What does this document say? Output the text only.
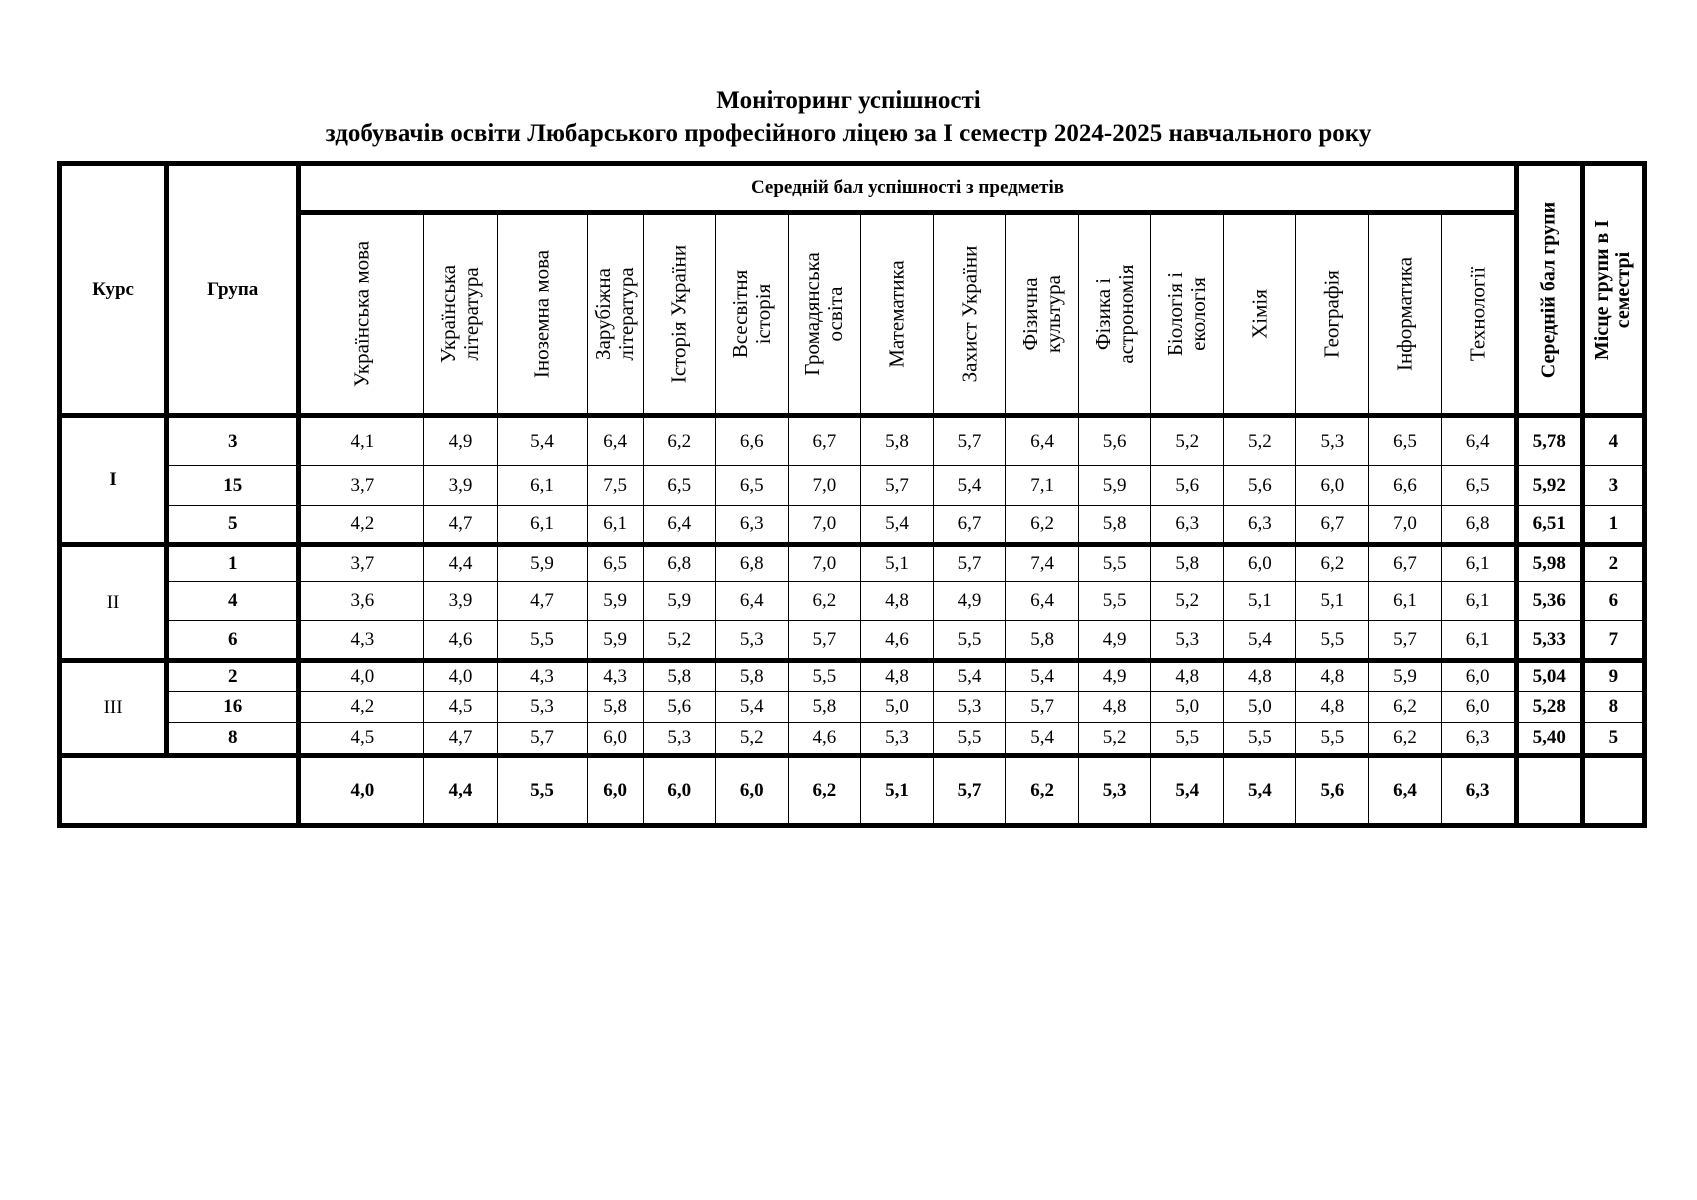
Моніторинг успішності
здобувачів освіти Любарського професійного ліцею за І семестр 2024-2025 навчального року
Курс	Група	Середній бал успішності з предметів																Середній бал групи	Місце групи в І
семестрі

		Українська мова	Українська
література	Іноземна мова	Зарубіжна
література	Історія України	Всесвітня
історія	Громадянська
освіта	Математика	Захист України	Фізична
культура	Фізика і
астрономія	Біологія і
екологія	Хімія	Географія	Інформатика	Технології		

І	3	4,1	4,9	5,4	6,4	6,2	6,6	6,7	5,8	5,7	6,4	5,6	5,2	5,2	5,3	6,5	6,4	5,78	4
	15	3,7	3,9	6,1	7,5	6,5	6,5	7,0	5,7	5,4	7,1	5,9	5,6	5,6	6,0	6,6	6,5	5,92	3
	5	4,2	4,7	6,1	6,1	6,4	6,3	7,0	5,4	6,7	6,2	5,8	6,3	6,3	6,7	7,0	6,8	6,51	1
ІІ	1	3,7	4,4	5,9	6,5	6,8	6,8	7,0	5,1	5,7	7,4	5,5	5,8	6,0	6,2	6,7	6,1	5,98	2
	4	3,6	3,9	4,7	5,9	5,9	6,4	6,2	4,8	4,9	6,4	5,5	5,2	5,1	5,1	6,1	6,1	5,36	6
	6	4,3	4,6	5,5	5,9	5,2	5,3	5,7	4,6	5,5	5,8	4,9	5,3	5,4	5,5	5,7	6,1	5,33	7
ІІІ	2	4,0	4,0	4,3	4,3	5,8	5,8	5,5	4,8	5,4	5,4	4,9	4,8	4,8	4,8	5,9	6,0	5,04	9
	16	4,2	4,5	5,3	5,8	5,6	5,4	5,8	5,0	5,3	5,7	4,8	5,0	5,0	4,8	6,2	6,0	5,28	8
	8	4,5	4,7	5,7	6,0	5,3	5,2	4,6	5,3	5,5	5,4	5,2	5,5	5,5	5,5	6,2	6,3	5,40	5
		4,0	4,4	5,5	6,0	6,0	6,0	6,2	5,1	5,7	6,2	5,3	5,4	5,4	5,6	6,4	6,3		
